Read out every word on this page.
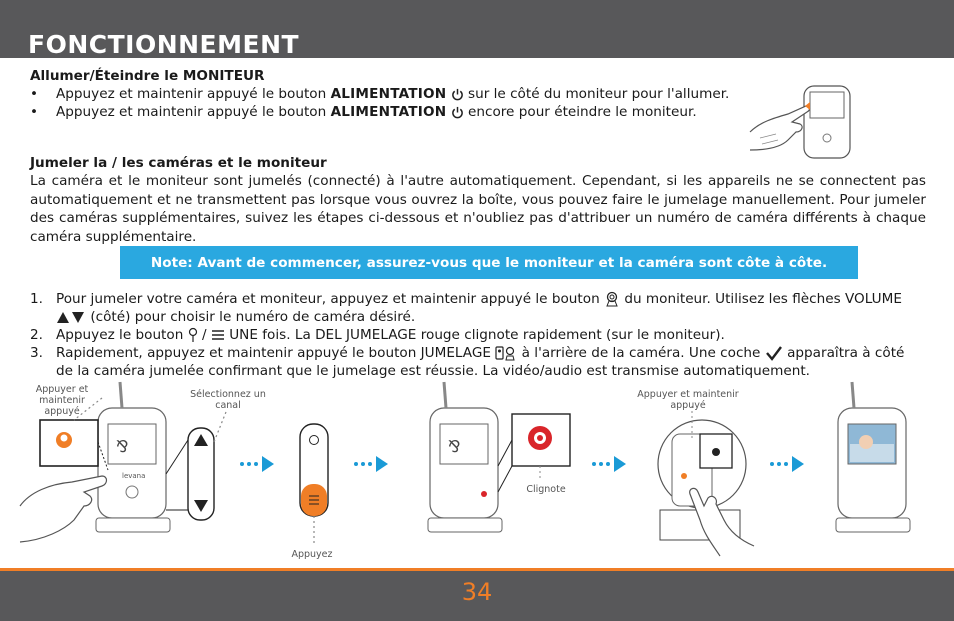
FONCTIONNEMENT
Allumer/Éteindre le MONITEUR
• Appuyez et maintenir appuyé le bouton ALIMENTATION sur le côté du moniteur pour l'allumer.
• Appuyez et maintenir appuyé le bouton ALIMENTATION encore pour éteindre le moniteur.
Jumeler la / les caméras et le moniteur
La caméra et le moniteur sont jumelés (connecté) à l'autre automatiquement. Cependant, si les appareils ne se connectent pas automatiquement et ne transmettent pas lorsque vous ouvrez la boîte, vous pouvez faire le jumelage manuellement. Pour jumeler des caméras supplémentaires, suivez les étapes ci-dessous et n'oubliez pas d'attribuer un numéro de caméra différents à chaque caméra supplémentaire.
Note: Avant de commencer, assurez-vous que le moniteur et la caméra sont côte à côte.
1. Pour jumeler votre caméra et moniteur, appuyez et maintenir appuyé le bouton du moniteur. Utilisez les flèches VOLUME
(côté) pour choisir le numéro de caméra désiré.
2. Appuyez le bouton / UNE fois. La DEL JUMELAGE rouge clignote rapidement (sur le moniteur).
3. Rapidement, appuyez et maintenir appuyé le bouton JUMELAGE à l'arrière de la caméra. Une coche apparaîtra à côté
de la caméra jumelée confirmant que le jumelage est réussie. La vidéo/audio est transmise automatiquement.
Appuyer et maintenir
appuyé
Sélectionnez un
canal
Appuyez
Clignote
Appuyer et maintenir
appuyé
⅋
levana
⅋
34
